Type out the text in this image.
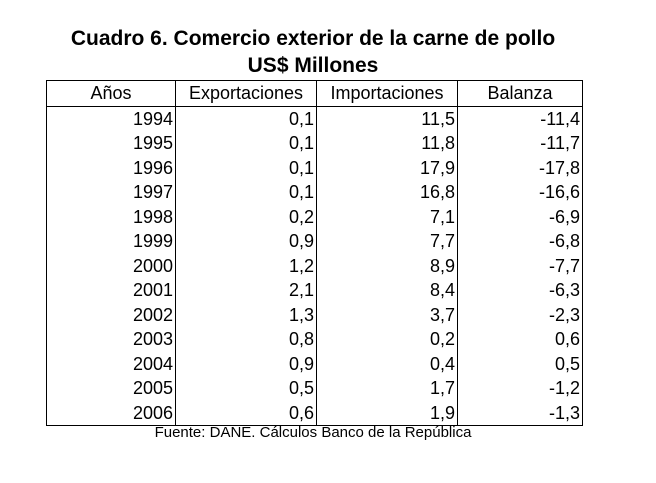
Cuadro 6. Comercio exterior de la carne de pollo
US$ Millones
Años	Exportaciones	Importaciones	Balanza
1994	0,1	11,5	-11,4
1995	0,1	11,8	-11,7
1996	0,1	17,9	-17,8
1997	0,1	16,8	-16,6
1998	0,2	7,1	-6,9
1999	0,9	7,7	-6,8
2000	1,2	8,9	-7,7
2001	2,1	8,4	-6,3
2002	1,3	3,7	-2,3
2003	0,8	0,2	0,6
2004	0,9	0,4	0,5
2005	0,5	1,7	-1,2
2006	0,6	1,9	-1,3
Fuente: DANE. Cálculos Banco de la República
